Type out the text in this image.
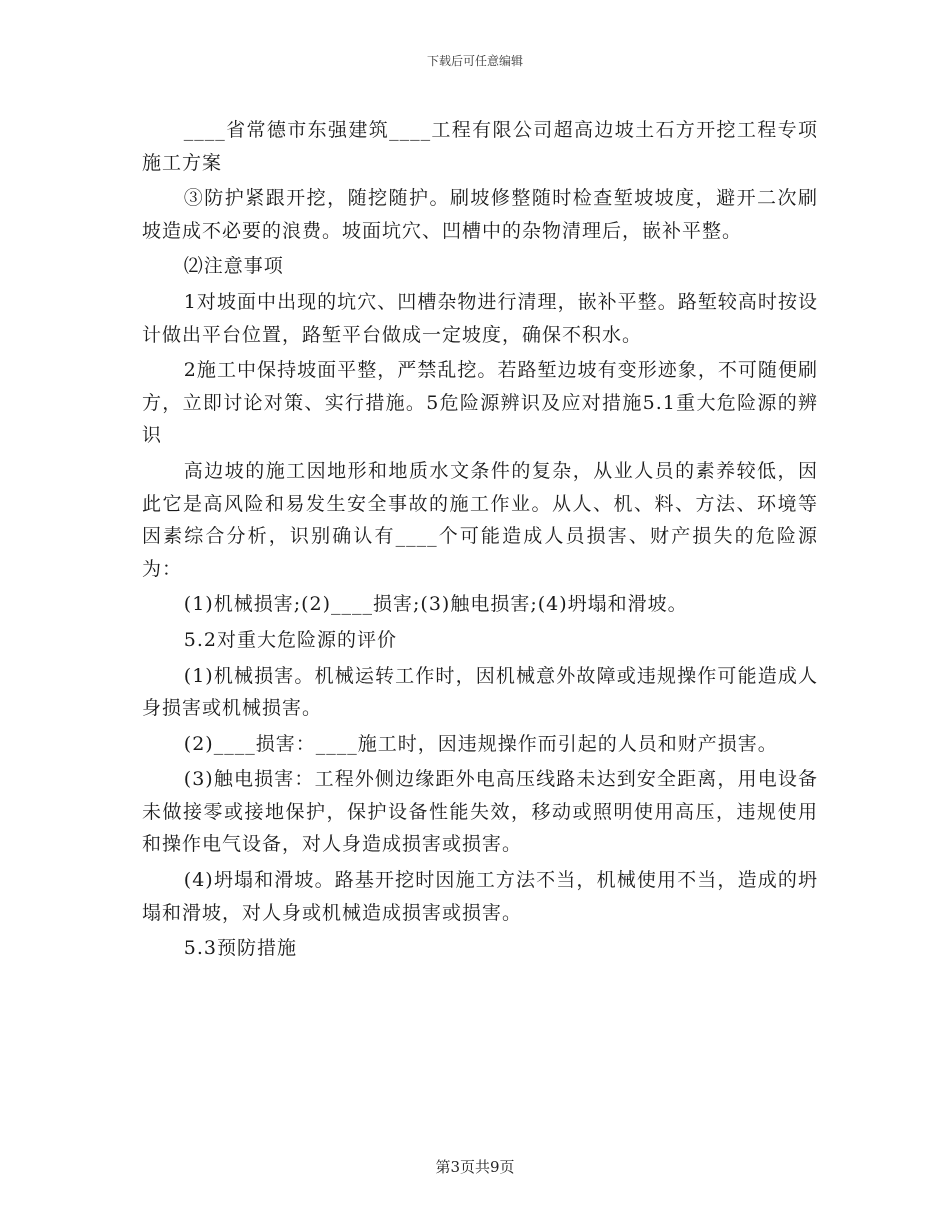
下载后可任意编辑

____省常德市东强建筑____工程有限公司超高边坡土石方开挖工程专项施工方案

③防护紧跟开挖，随挖随护。刷坡修整随时检查堑坡坡度，避开二次刷坡造成不必要的浪费。坡面坑穴、凹槽中的杂物清理后，嵌补平整。

⑵注意事项

1对坡面中出现的坑穴、凹槽杂物进行清理，嵌补平整。路堑较高时按设计做出平台位置，路堑平台做成一定坡度，确保不积水。

2施工中保持坡面平整，严禁乱挖。若路堑边坡有变形迹象，不可随便刷方，立即讨论对策、实行措施。5危险源辨识及应对措施5.1重大危险源的辨识

高边坡的施工因地形和地质水文条件的复杂，从业人员的素养较低，因此它是高风险和易发生安全事故的施工作业。从人、机、料、方法、环境等因素综合分析，识别确认有____个可能造成人员损害、财产损失的危险源为：

(1)机械损害;(2)____损害;(3)触电损害;(4)坍塌和滑坡。

5.2对重大危险源的评价

(1)机械损害。机械运转工作时，因机械意外故障或违规操作可能造成人身损害或机械损害。

(2)____损害：____施工时，因违规操作而引起的人员和财产损害。

(3)触电损害：工程外侧边缘距外电高压线路未达到安全距离，用电设备未做接零或接地保护，保护设备性能失效，移动或照明使用高压，违规使用和操作电气设备，对人身造成损害或损害。

(4)坍塌和滑坡。路基开挖时因施工方法不当，机械使用不当，造成的坍塌和滑坡，对人身或机械造成损害或损害。

5.3预防措施

第3页共9页
